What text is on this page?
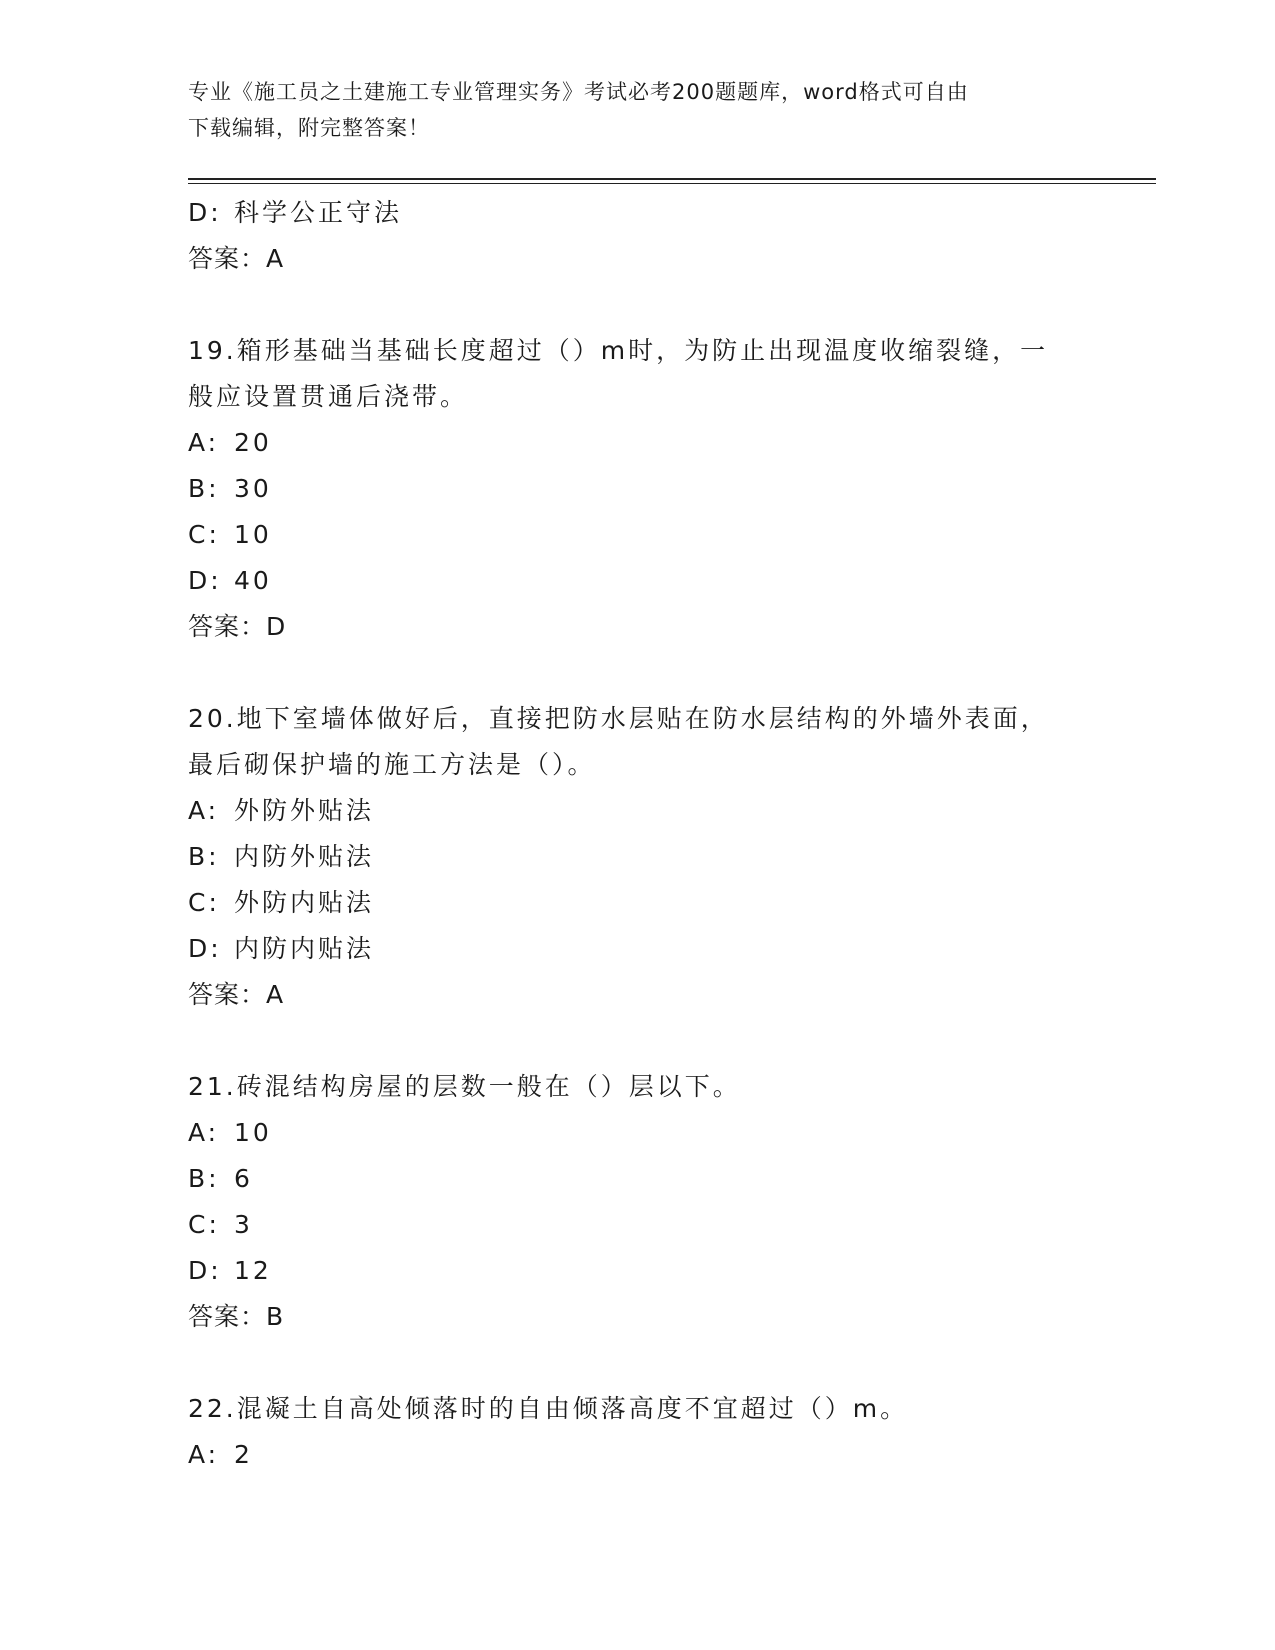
专业《施工员之土建施工专业管理实务》考试必考200题题库，word格式可自由
下载编辑，附完整答案！
D: 科学公正守法
答案：A
19.箱形基础当基础长度超过（）m时，为防止出现温度收缩裂缝，一
般应设置贯通后浇带。
A: 20
B: 30
C: 10
D: 40
答案：D
20.地下室墙体做好后，直接把防水层贴在防水层结构的外墙外表面，
最后砌保护墙的施工方法是（）。
A: 外防外贴法
B: 内防外贴法
C: 外防内贴法
D: 内防内贴法
答案：A
21.砖混结构房屋的层数一般在（）层以下。
A: 10
B: 6
C: 3
D: 12
答案：B
22.混凝土自高处倾落时的自由倾落高度不宜超过（）m。
A: 2
